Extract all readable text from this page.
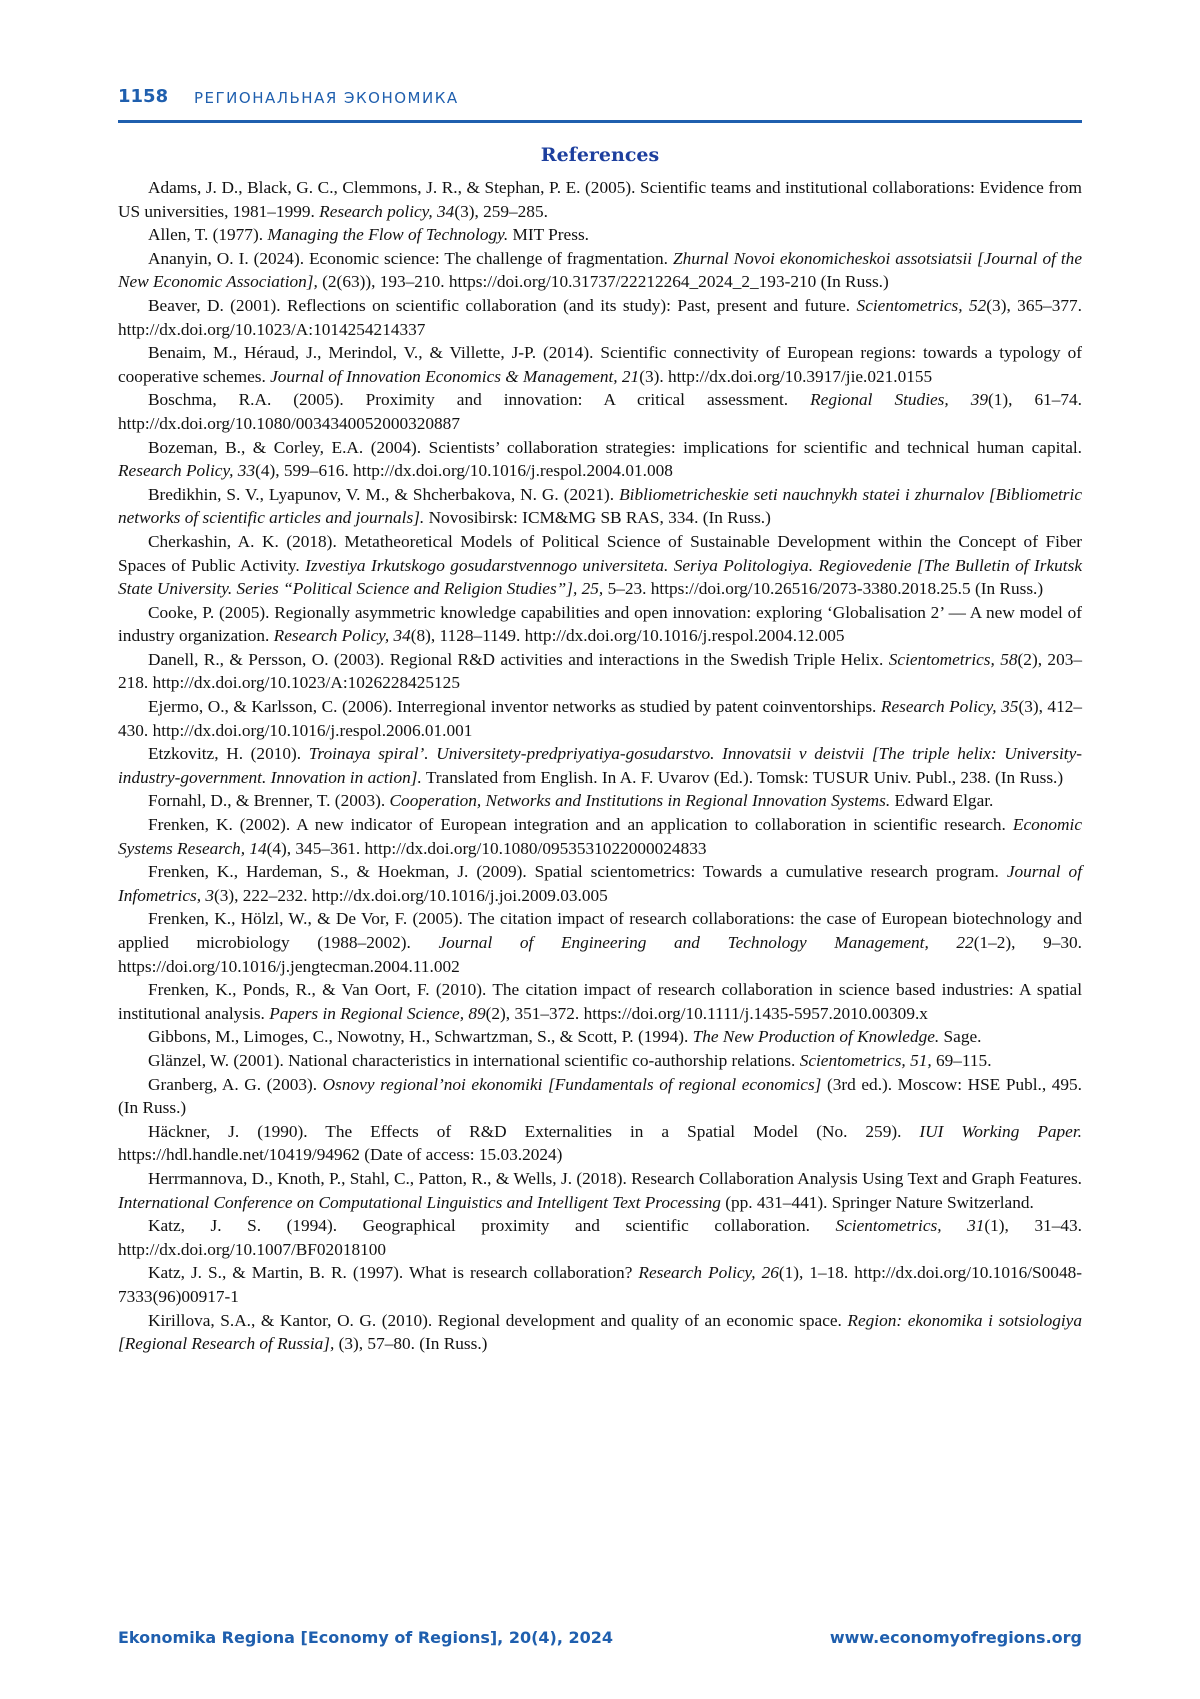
1158 РЕГИОНАЛЬНАЯ ЭКОНОМИКА
References

Adams, J. D., Black, G. C., Clemmons, J. R., & Stephan, P. E. (2005). Scientific teams and institutional collaborations: Evidence from US universities, 1981–1999. Research policy, 34(3), 259–285.

Allen, T. (1977). Managing the Flow of Technology. MIT Press.

Ananyin, O. I. (2024). Economic science: The challenge of fragmentation. Zhurnal Novoi ekonomicheskoi assotsiatsii [Journal of the New Economic Association], (2(63)), 193–210. https://doi.org/10.31737/22212264_2024_2_193-210 (In Russ.)

Beaver, D. (2001). Reflections on scientific collaboration (and its study): Past, present and future. Scientometrics, 52(3), 365–377. http://dx.doi.org/10.1023/A:1014254214337

Benaim, M., Héraud, J., Merindol, V., & Villette, J-P. (2014). Scientific connectivity of European regions: towards a typology of cooperative schemes. Journal of Innovation Economics & Management, 21(3). http://dx.doi.org/10.3917/jie.021.0155

Boschma, R.A. (2005). Proximity and innovation: A critical assessment. Regional Studies, 39(1), 61–74. http://dx.doi.org/10.1080/0034340052000320887

Bozeman, B., & Corley, E.A. (2004). Scientists’ collaboration strategies: implications for scientific and technical human capital. Research Policy, 33(4), 599–616. http://dx.doi.org/10.1016/j.respol.2004.01.008

Bredikhin, S. V., Lyapunov, V. M., & Shcherbakova, N. G. (2021). Bibliometricheskie seti nauchnykh statei i zhurnalov [Bibliometric networks of scientific articles and journals]. Novosibirsk: ICM&MG SB RAS, 334. (In Russ.)

Cherkashin, A. K. (2018). Metatheoretical Models of Political Science of Sustainable Development within the Concept of Fiber Spaces of Public Activity. Izvestiya Irkutskogo gosudarstvennogo universiteta. Seriya Politologiya. Regiovedenie [The Bulletin of Irkutsk State University. Series “Political Science and Religion Studies”], 25, 5–23. https://doi.org/10.26516/2073-3380.2018.25.5 (In Russ.)

Cooke, P. (2005). Regionally asymmetric knowledge capabilities and open innovation: exploring ‘Globalisation 2’ — A new model of industry organization. Research Policy, 34(8), 1128–1149. http://dx.doi.org/10.1016/j.respol.2004.12.005

Danell, R., & Persson, O. (2003). Regional R&D activities and interactions in the Swedish Triple Helix. Scientometrics, 58(2), 203–218. http://dx.doi.org/10.1023/A:1026228425125

Ejermo, O., & Karlsson, C. (2006). Interregional inventor networks as studied by patent coinventorships. Research Policy, 35(3), 412–430. http://dx.doi.org/10.1016/j.respol.2006.01.001

Etzkovitz, H. (2010). Troinaya spiral’. Universitety-predpriyatiya-gosudarstvo. Innovatsii v deistvii [The triple helix: University-industry-government. Innovation in action]. Translated from English. In A. F. Uvarov (Ed.). Tomsk: TUSUR Univ. Publ., 238. (In Russ.)

Fornahl, D., & Brenner, T. (2003). Cooperation, Networks and Institutions in Regional Innovation Systems. Edward Elgar.

Frenken, K. (2002). A new indicator of European integration and an application to collaboration in scientific research. Economic Systems Research, 14(4), 345–361. http://dx.doi.org/10.1080/0953531022000024833

Frenken, K., Hardeman, S., & Hoekman, J. (2009). Spatial scientometrics: Towards a cumulative research program. Journal of Infometrics, 3(3), 222–232. http://dx.doi.org/10.1016/j.joi.2009.03.005

Frenken, K., Hölzl, W., & De Vor, F. (2005). The citation impact of research collaborations: the case of European biotechnology and applied microbiology (1988–2002). Journal of Engineering and Technology Management, 22(1–2), 9–30. https://doi.org/10.1016/j.jengtecman.2004.11.002

Frenken, K., Ponds, R., & Van Oort, F. (2010). The citation impact of research collaboration in science based industries: A spatial institutional analysis. Papers in Regional Science, 89(2), 351–372. https://doi.org/10.1111/j.1435-5957.2010.00309.x

Gibbons, M., Limoges, C., Nowotny, H., Schwartzman, S., & Scott, P. (1994). The New Production of Knowledge. Sage.

Glänzel, W. (2001). National characteristics in international scientific co-authorship relations. Scientometrics, 51, 69–115.

Granberg, A. G. (2003). Osnovy regional’noi ekonomiki [Fundamentals of regional economics] (3rd ed.). Moscow: HSE Publ., 495. (In Russ.)

Häckner, J. (1990). The Effects of R&D Externalities in a Spatial Model (No. 259). IUI Working Paper. https://hdl.handle.net/10419/94962 (Date of access: 15.03.2024)

Herrmannova, D., Knoth, P., Stahl, C., Patton, R., & Wells, J. (2018). Research Collaboration Analysis Using Text and Graph Features. International Conference on Computational Linguistics and Intelligent Text Processing (pp. 431–441). Springer Nature Switzerland.

Katz, J. S. (1994). Geographical proximity and scientific collaboration. Scientometrics, 31(1), 31–43. http://dx.doi.org/10.1007/BF02018100

Katz, J. S., & Martin, B. R. (1997). What is research collaboration? Research Policy, 26(1), 1–18. http://dx.doi.org/10.1016/S0048-7333(96)00917-1

Kirillova, S.A., & Kantor, O. G. (2010). Regional development and quality of an economic space. Region: ekonomika i sotsiologiya [Regional Research of Russia], (3), 57–80. (In Russ.)

Ekonomika Regiona [Economy of Regions], 20(4), 2024	www.economyofregions.org
